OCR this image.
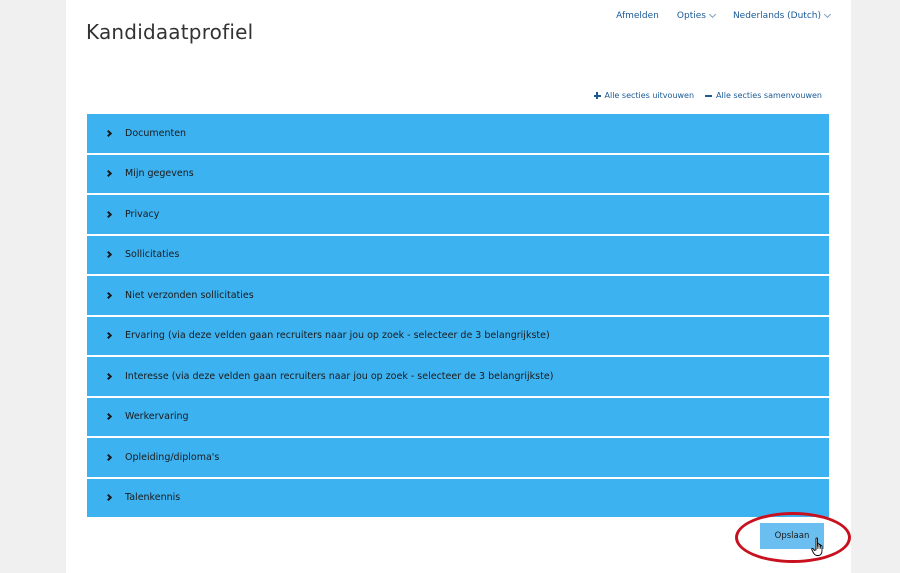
Kandidaatprofiel
Afmelden Opties	Nederlands (Dutch)
Alle secties uitvouwen	Alle secties samenvouwen
Documenten
Mijn gegevens
Privacy
Sollicitaties
Niet verzonden sollicitaties
Ervaring (via deze velden gaan recruiters naar jou op zoek - selecteer de 3 belangrijkste)
Interesse (via deze velden gaan recruiters naar jou op zoek - selecteer de 3 belangrijkste)
Werkervaring
Opleiding/diploma's
Talenkennis
Opslaan
